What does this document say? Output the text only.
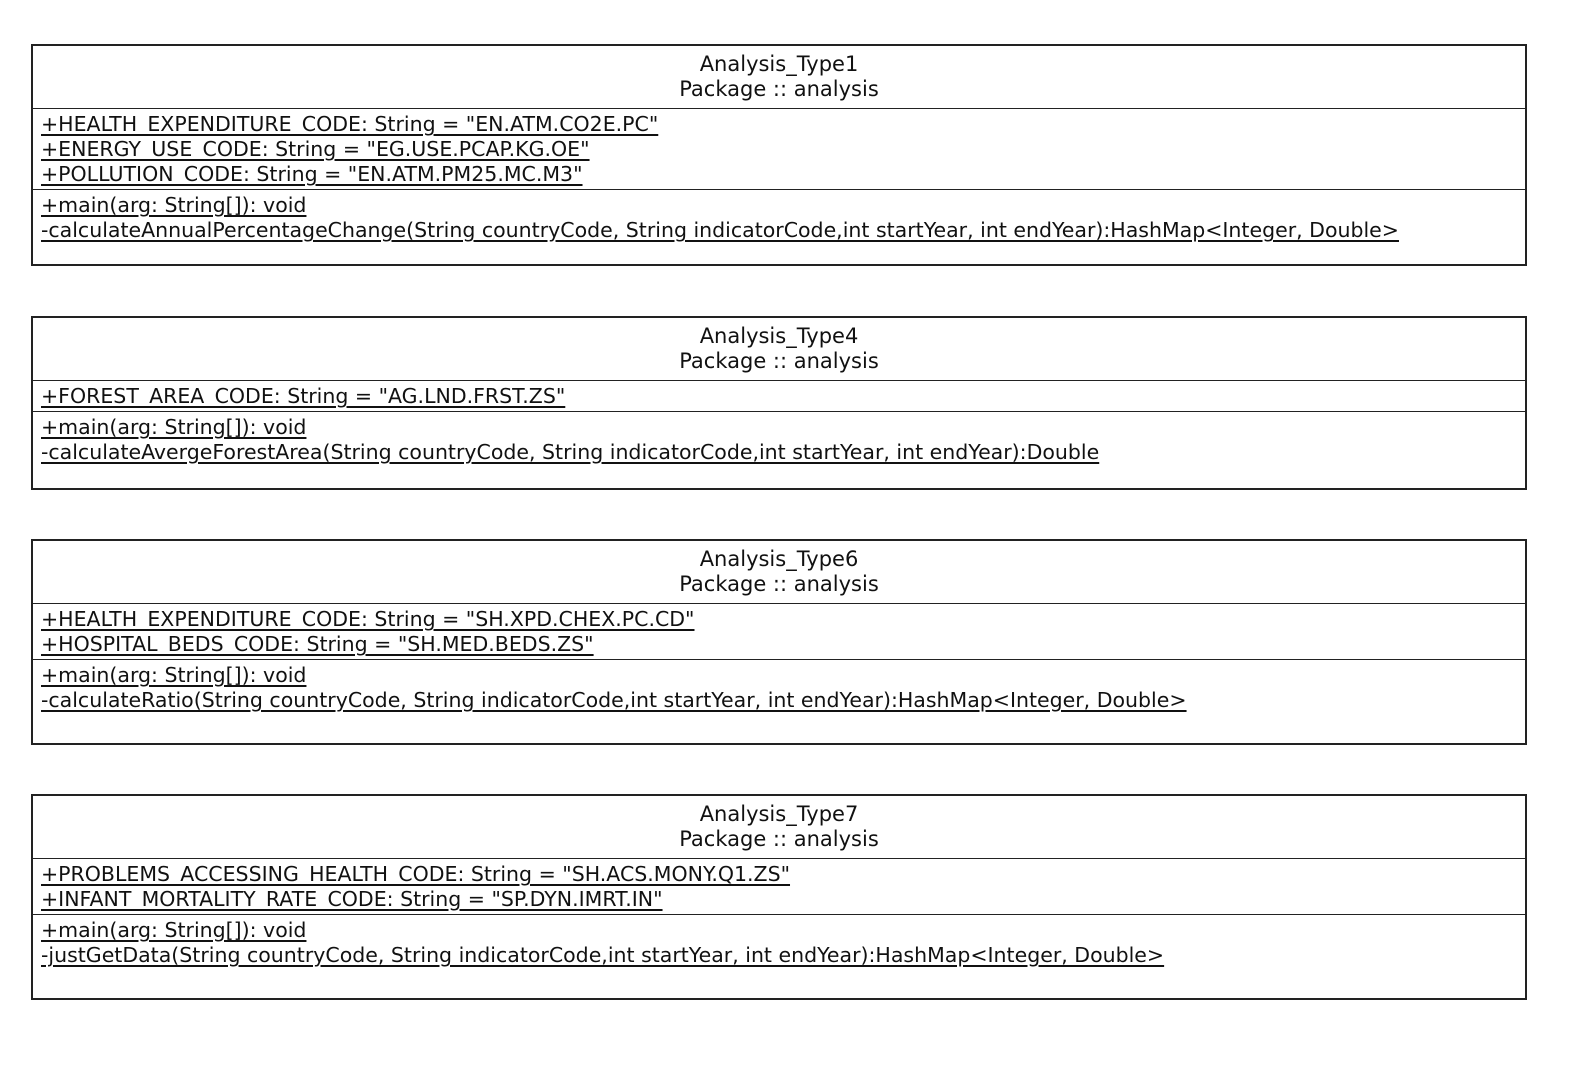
Analysis_Type1
Package :: analysis
+HEALTH_EXPENDITURE_CODE: String = "EN.ATM.CO2E.PC"
+ENERGY_USE_CODE: String = "EG.USE.PCAP.KG.OE"
+POLLUTION_CODE: String = "EN.ATM.PM25.MC.M3"
+main(arg: String[]): void
-calculateAnnualPercentageChange(String countryCode, String indicatorCode,int startYear, int endYear):HashMap<Integer, Double>
Analysis_Type4
Package :: analysis
+FOREST_AREA_CODE: String = "AG.LND.FRST.ZS"
+main(arg: String[]): void
-calculateAvergeForestArea(String countryCode, String indicatorCode,int startYear, int endYear):Double
Analysis_Type6
Package :: analysis
+HEALTH_EXPENDITURE_CODE: String = "SH.XPD.CHEX.PC.CD"
+HOSPITAL_BEDS_CODE: String = "SH.MED.BEDS.ZS"
+main(arg: String[]): void
-calculateRatio(String countryCode, String indicatorCode,int startYear, int endYear):HashMap<Integer, Double>
Analysis_Type7
Package :: analysis
+PROBLEMS_ACCESSING_HEALTH_CODE: String = "SH.ACS.MONY.Q1.ZS"
+INFANT_MORTALITY_RATE_CODE: String = "SP.DYN.IMRT.IN"
+main(arg: String[]): void
-justGetData(String countryCode, String indicatorCode,int startYear, int endYear):HashMap<Integer, Double>
